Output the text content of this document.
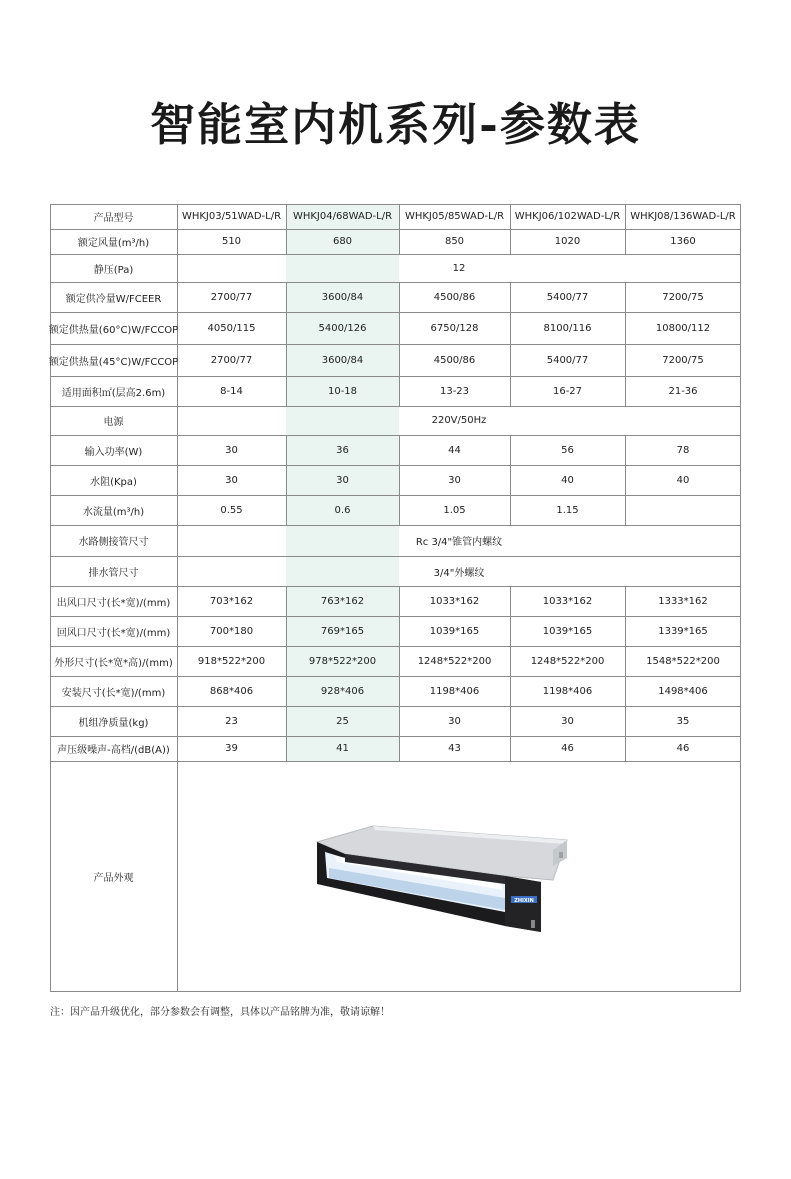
智能室内机系列-参数表
产品型号	WHKJ03/51WAD-L/R	WHKJ04/68WAD-L/R	WHKJ05/85WAD-L/R	WHKJ06/102WAD-L/R	WHKJ08/136WAD-L/R
额定风量(m³/h)	510	680	850	1020	1360
静压(Pa)	12
额定供冷量W/FCEER	2700/77	3600/84	4500/86	5400/77	7200/75
额定供热量(60°C)W/FCCOP	4050/115	5400/126	6750/128	8100/116	10800/112
额定供热量(45°C)W/FCCOP	2700/77	3600/84	4500/86	5400/77	7200/75
适用面积㎡(层高2.6m)	8-14	10-18	13-23	16-27	21-36
电源	220V/50Hz
输入功率(W)	30	36	44	56	78
水阻(Kpa)	30	30	30	40	40
水流量(m³/h)	0.55	0.6	1.05	1.15
水路侧接管尺寸	Rc 3/4"锥管内螺纹
排水管尺寸	3/4"外螺纹
出风口尺寸(长*宽)/(mm)	703*162	763*162	1033*162	1033*162	1333*162
回风口尺寸(长*宽)/(mm)	700*180	769*165	1039*165	1039*165	1339*165
外形尺寸(长*宽*高)/(mm)	918*522*200	978*522*200	1248*522*200	1248*522*200	1548*522*200
安装尺寸(长*宽)/(mm)	868*406	928*406	1198*406	1198*406	1498*406
机组净质量(kg)	23	25	30	30	35
声压级噪声-高档/(dB(A))	39	41	43	46	46
产品外观
ZHIXIN
注：因产品升级优化，部分参数会有调整，具体以产品铭牌为准，敬请谅解！
